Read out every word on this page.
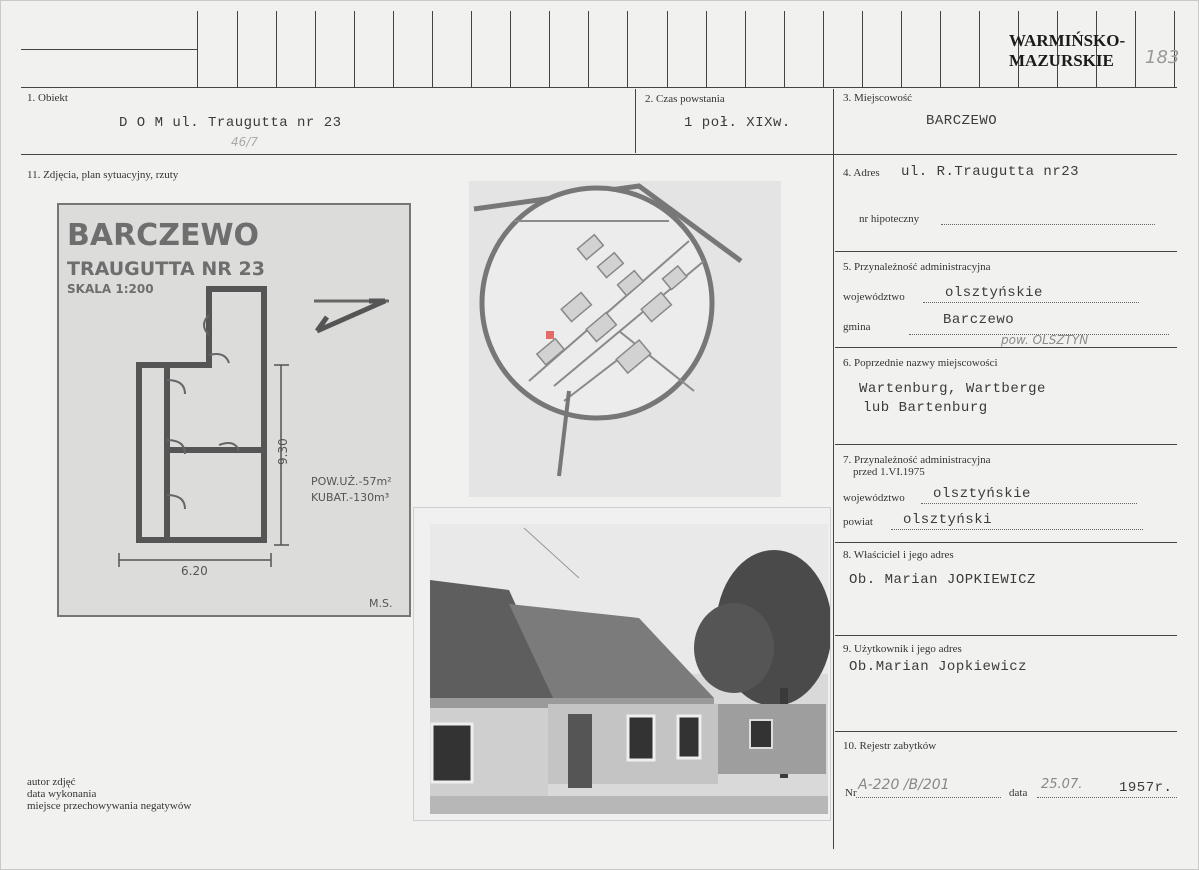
WARMIŃSKO-
MAZURSKIE	183
1. Obiekt
D O M ul. Traugutta nr 23
46/7
2. Czas powstania
1 poł. XIXw.
3. Miejscowość
BARCZEWO
11. Zdjęcia, plan sytuacyjny, rzuty
BARCZEWO
TRAUGUTTA NR 23
SKALA 1:200
6.20
9.30
POW.UŻ.-57m²
KUBAT.-130m³
M.S.
autor zdjęć
data wykonania
miejsce przechowywania negatywów
4. Adres ul. R.Traugutta nr23
nr hipoteczny
5. Przynależność administracyjna
województwo	olsztyńskie
gmina	Barczewo
pow. OLSZTYN
6. Poprzednie nazwy miejscowości
Wartenburg, Wartberge
lub Bartenburg
7. Przynależność administracyjna
przed 1.VI.1975
województwo olsztyńskie
powiat olsztyński
8. Właściciel i jego adres
Ob. Marian JOPKIEWICZ
9. Użytkownik i jego adres
Ob.Marian Jopkiewicz
10. Rejestr zabytków
Nr A-220 /B/201	data
25.07.	1957r.
